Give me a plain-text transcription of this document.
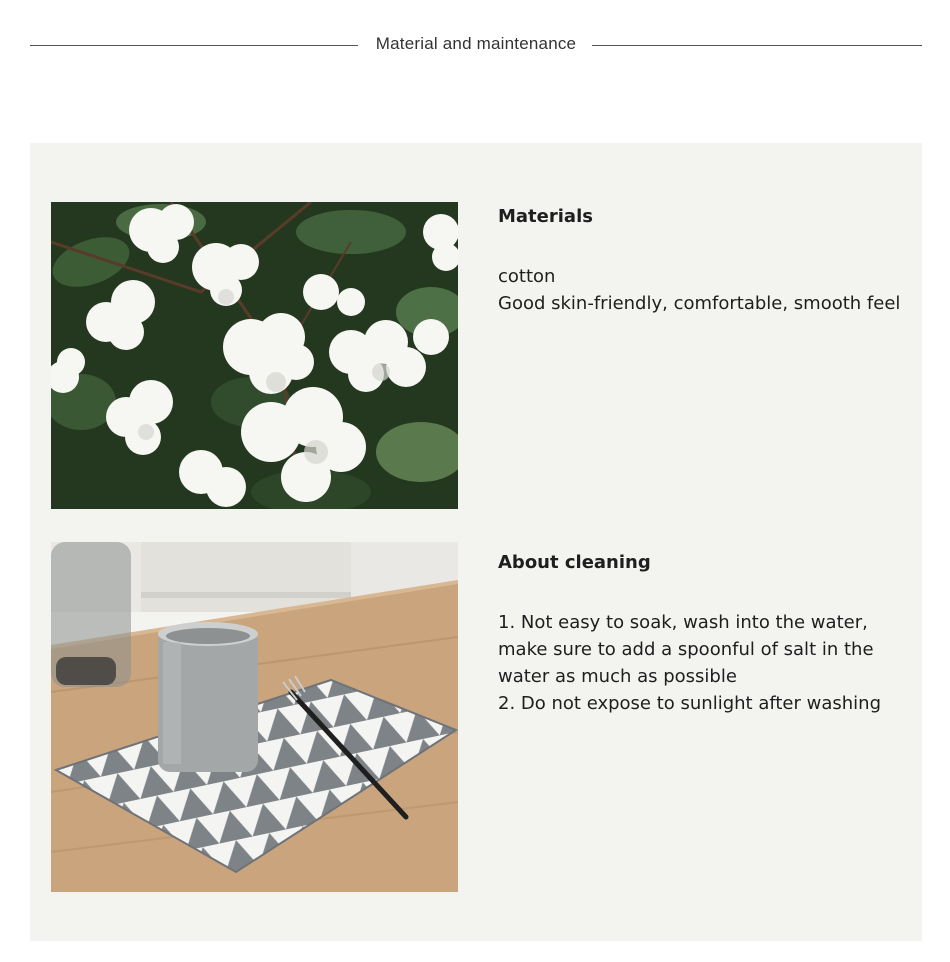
Material and maintenance
Materials
cotton
Good skin-friendly, comfortable, smooth feel
About cleaning
1. Not easy to soak, wash into the water,
make sure to add a spoonful of salt in the
water as much as possible
2. Do not expose to sunlight after washing
